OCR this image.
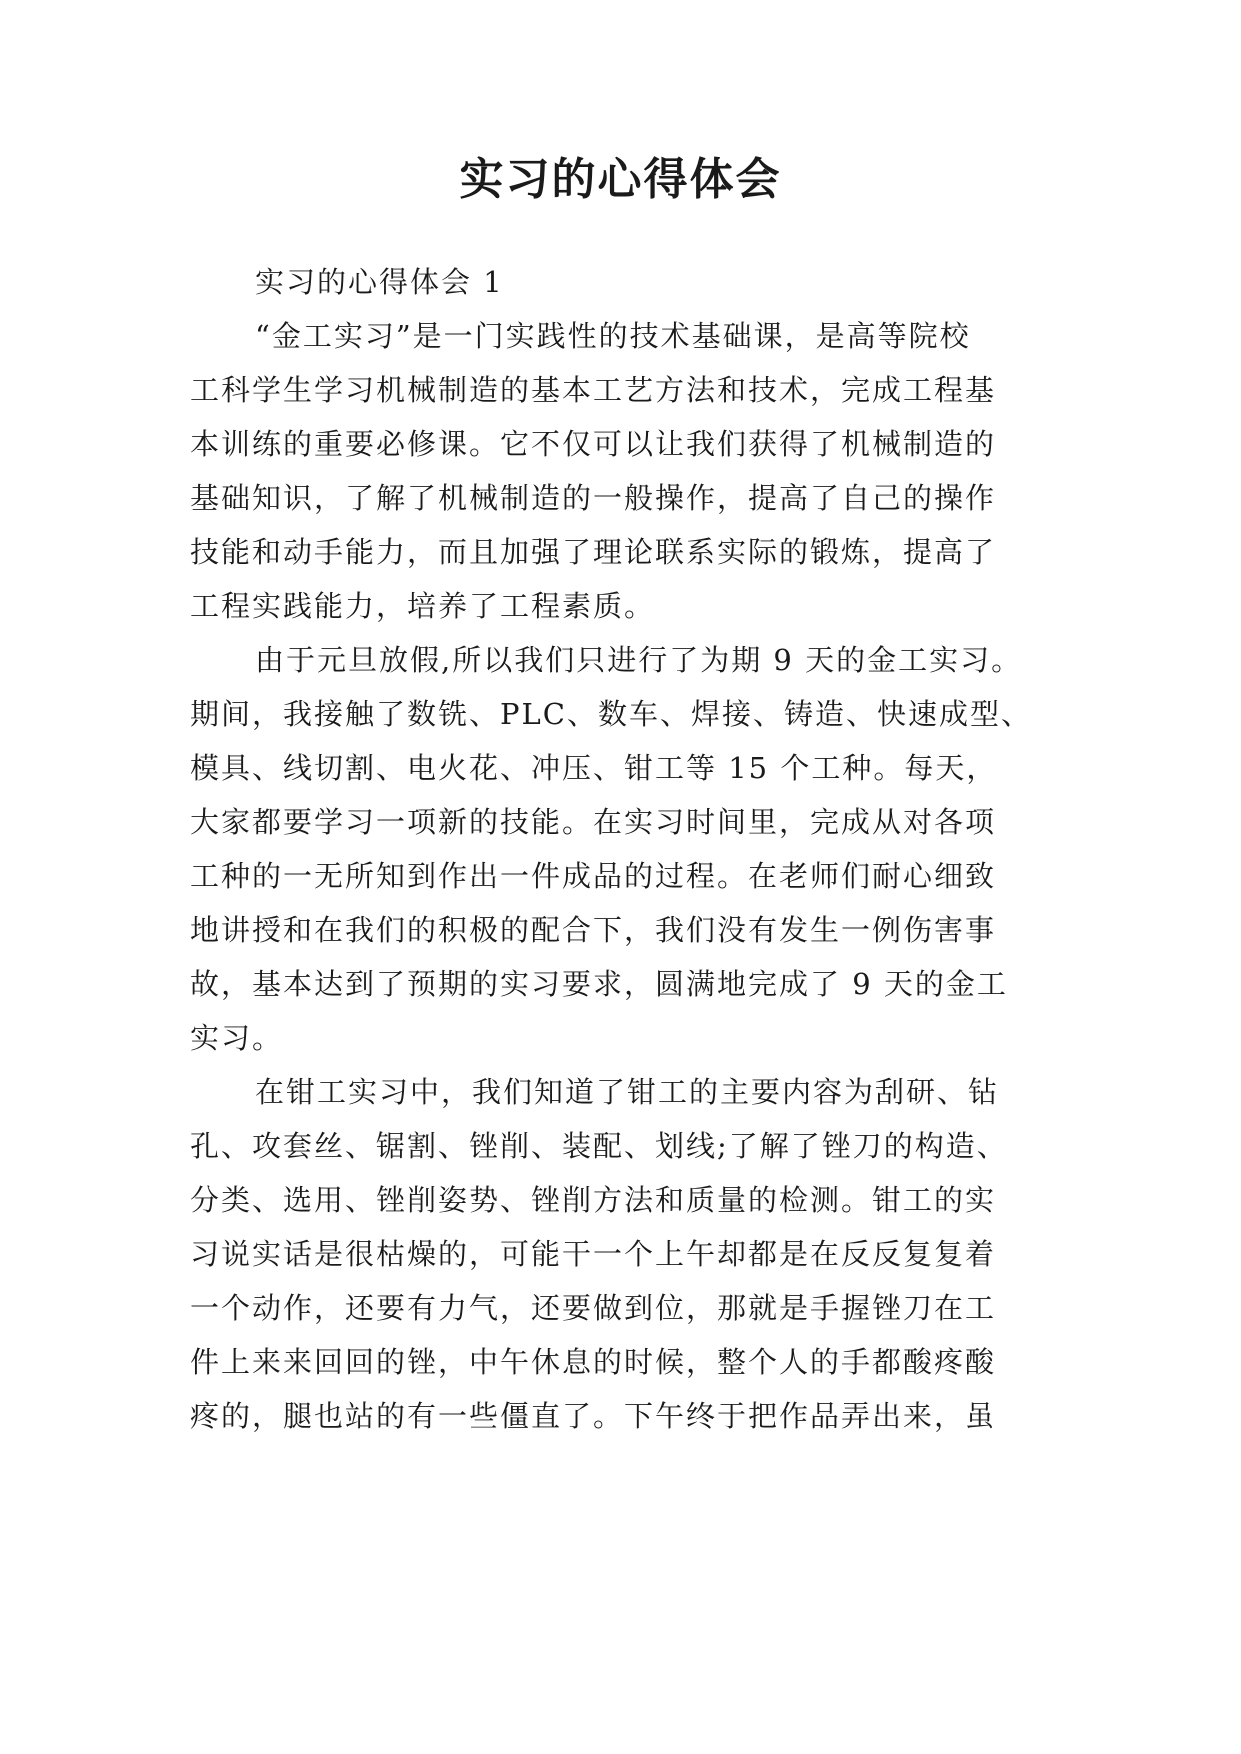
实习的心得体会
实习的心得体会 1
“金工实习”是一门实践性的技术基础课，是高等院校
工科学生学习机械制造的基本工艺方法和技术，完成工程基
本训练的重要必修课。它不仅可以让我们获得了机械制造的
基础知识，了解了机械制造的一般操作，提高了自己的操作
技能和动手能力，而且加强了理论联系实际的锻炼，提高了
工程实践能力，培养了工程素质。
由于元旦放假,所以我们只进行了为期 9 天的金工实习。
期间，我接触了数铣、PLC、数车、焊接、铸造、快速成型、
模具、线切割、电火花、冲压、钳工等 15 个工种。每天，
大家都要学习一项新的技能。在实习时间里，完成从对各项
工种的一无所知到作出一件成品的过程。在老师们耐心细致
地讲授和在我们的积极的配合下，我们没有发生一例伤害事
故，基本达到了预期的实习要求，圆满地完成了 9 天的金工
实习。
在钳工实习中，我们知道了钳工的主要内容为刮研、钻
孔、攻套丝、锯割、锉削、装配、划线;了解了锉刀的构造、
分类、选用、锉削姿势、锉削方法和质量的检测。钳工的实
习说实话是很枯燥的，可能干一个上午却都是在反反复复着
一个动作，还要有力气，还要做到位，那就是手握锉刀在工
件上来来回回的锉，中午休息的时候，整个人的手都酸疼酸
疼的，腿也站的有一些僵直了。下午终于把作品弄出来，虽
